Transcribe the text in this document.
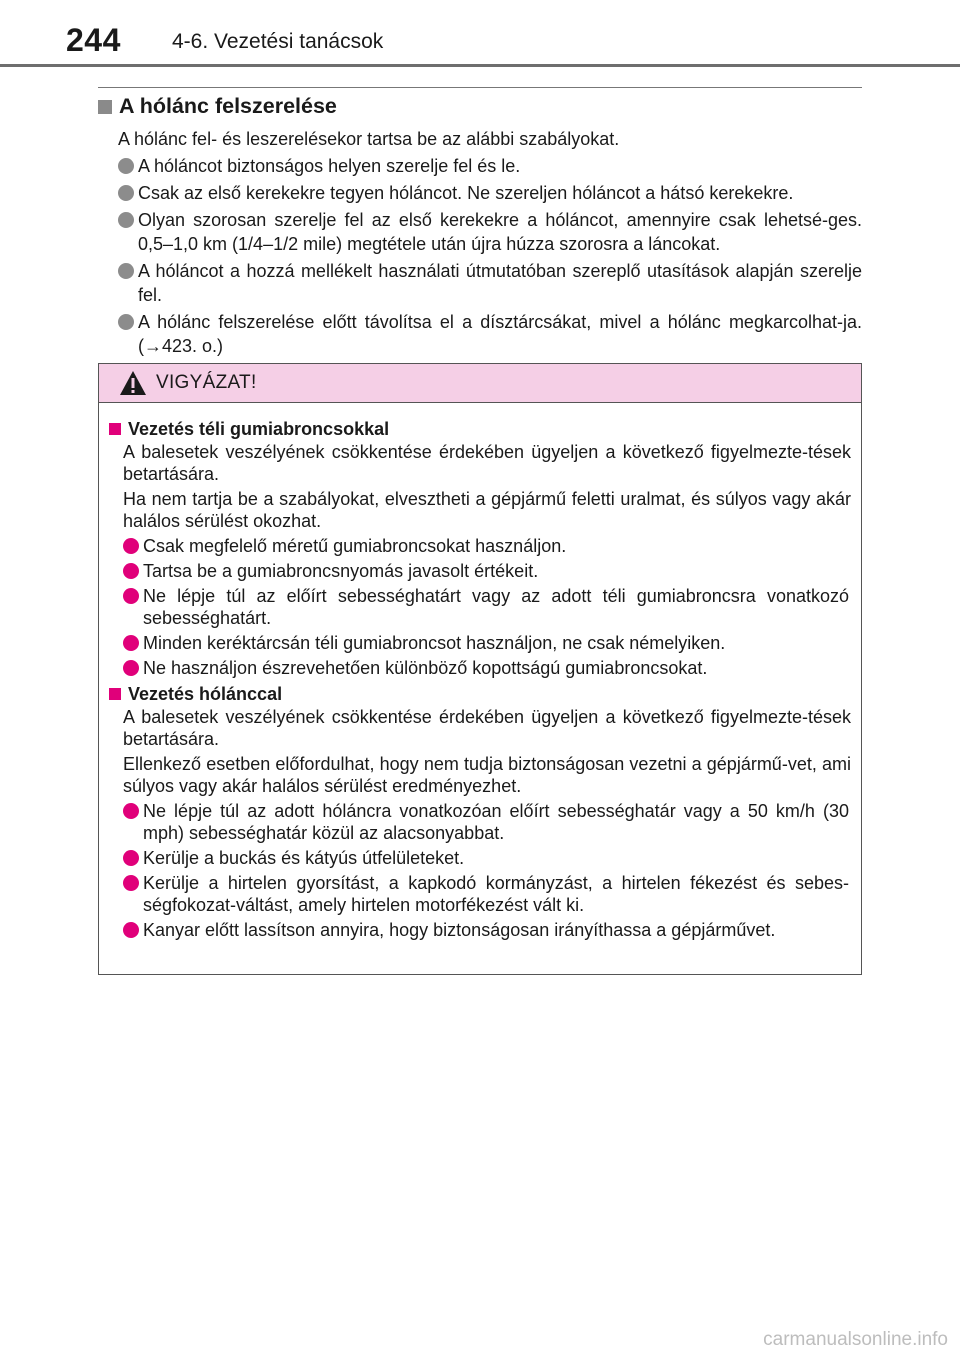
244 4-6. Vezetési tanácsok
A hólánc felszerelése
A hólánc fel- és leszerelésekor tartsa be az alábbi szabályokat.
A hóláncot biztonságos helyen szerelje fel és le.
Csak az első kerekekre tegyen hóláncot. Ne szereljen hóláncot a hátsó kerekekre.
Olyan szorosan szerelje fel az első kerekekre a hóláncot, amennyire csak lehetsé-ges. 0,5–1,0 km (1/4–1/2 mile) megtétele után újra húzza szorosra a láncokat.
A hóláncot a hozzá mellékelt használati útmutatóban szereplő utasítások alapján szerelje fel.
A hólánc felszerelése előtt távolítsa el a dísztárcsákat, mivel a hólánc megkarcolhat-ja. (→423. o.)
VIGYÁZAT!
Vezetés téli gumiabroncsokkal
A balesetek veszélyének csökkentése érdekében ügyeljen a következő figyelmezte-tések betartására.
Ha nem tartja be a szabályokat, elvesztheti a gépjármű feletti uralmat, és súlyos vagy akár halálos sérülést okozhat.
Csak megfelelő méretű gumiabroncsokat használjon.
Tartsa be a gumiabroncsnyomás javasolt értékeit.
Ne lépje túl az előírt sebességhatárt vagy az adott téli gumiabroncsra vonatkozó sebességhatárt.
Minden keréktárcsán téli gumiabroncsot használjon, ne csak némelyiken.
Ne használjon észrevehetően különböző kopottságú gumiabroncsokat.
Vezetés hólánccal
A balesetek veszélyének csökkentése érdekében ügyeljen a következő figyelmezte-tések betartására.
Ellenkező esetben előfordulhat, hogy nem tudja biztonságosan vezetni a gépjármű-vet, ami súlyos vagy akár halálos sérülést eredményezhet.
Ne lépje túl az adott hóláncra vonatkozóan előírt sebességhatár vagy a 50 km/h (30 mph) sebességhatár közül az alacsonyabbat.
Kerülje a buckás és kátyús útfelületeket.
Kerülje a hirtelen gyorsítást, a kapkodó kormányzást, a hirtelen fékezést és sebes-ségfokozat-váltást, amely hirtelen motorfékezést vált ki.
Kanyar előtt lassítson annyira, hogy biztonságosan irányíthassa a gépjárművet.
carmanualsonline.info
